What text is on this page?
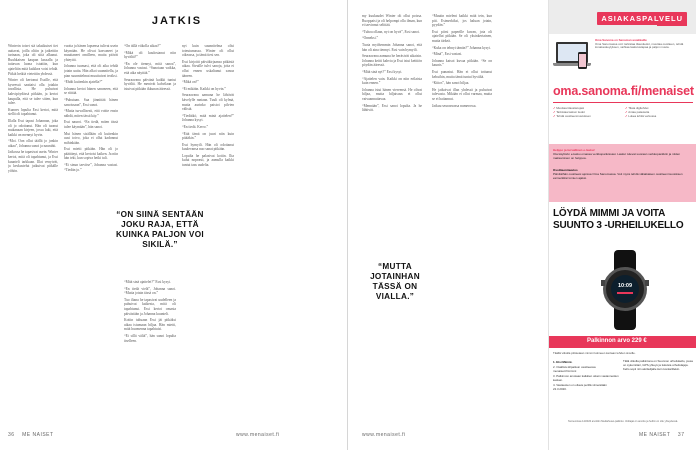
JATKIS

Winterin toiset stä takaikuiset tiet auttavat, joilla oltiin ja jatkettiin tarinaan, joka oli siitä alkanut. Ruuhkaisen kaupan kassalla ja tuttavan luona istuttiin, kun ajateltiin mitä kaikkea voisi tehdä. Pitkiä hetkiä vietettiin yhdessä.

Winter oli kertonut Essille, että kyseessä saattaisi olla jotakin tavallista. He puhuivat kahvipöydässä pitkään, ja kertoi kaupalla, että se tulee sitten, kun tulee.

Kunnes lopulta Essi kertoi, mitä siellä oli tapahtunut.

Illalla Essi tapasi Johannan, joka oli jo odottanut. Hän oli tuonut mukanaan kirjeen, jossa luki, että kaikki on mennyt hyvin.

“Moi. Oon ollut täällä jo jonkin aikaa”, Johanna sanoi ja naurahti.

Jatkossa he tapasivat usein. Winter kertoi, mitä oli tapahtunut, ja Essi kuunteli tarkkaan. Illat venyivät, ja keskustelut jatkuivat pitkälle yöhön.

vuotta ja hänen lapsensa tulivat usein käymään. He olivat kasvaneet ja muuttaneet omilleen, mutta pitivät yhteyttä.

Johanna tuumasi, että oli aika tehdä jotain uutta. Hän alkoi suunnitella, ja pian suunnitelmat muuttuivat teoiksi.

“Ehdit kuitenkin ajatella?”

Johanna kertoi hänen sanoneen, että se riittää.

“Puhutaan. Sua jännittää hänen sanoissaan”, Essi sanoi.

“Mutta turvallisesti, että voitte ensin nähdä, miten tässä käy.”

Essi nauroi. “En tiedä, miten tässä tulee käymään”, hän sanoi.

Mut hänen sisällään oli kuitenkin uusi toivo, joka ei ollut kadonnut mihinkään.

Essi mietti pitkään. Hän oli jo päättänyt, että kertoisi kaiken. Ja niin hän teki, kun sopiva hetki tuli.

“Ei sinun tarvitse”, Johanna vastasi. “Tiedän jo.”

“ON SIINÄ SENTÄÄN JOKU RAJA, ETTÄ KUINKA PALJON VOI SIKILÄ.”

“On tällä viikolla aikaa?”

“Mikä oli kuulostanut niin hyvältä?”

“En ole tiennyt, mitä sanoa”, Johanna vastasi. “Sanotaan vaikka, että aika näyttää.”

Seuraavana päivänä kaikki tuntui hyvältä. He menivät kahvilaan ja istuivat pitkään ikkunan ääressä.

“Mitä sinä ajattelet?” Essi kysyi.

“En tiedä vielä”, Johanna sanoi. “Mutta jotain tässä on.”

Tuo iltana he tapasivat uudelleen ja puhuivat kaikesta, mitä oli tapahtunut. Essi kertoi omasta päivästään ja Johanna kuunteli.

Kotiin tultuaan Essi jäi pitkäksi aikaa istumaan hiljaa. Hän mietti, mitä huomenna tapahtuisi.

“Ei sillä väliä”, hän sanoi lopulta itselleen.

nyt kuin suunnitelma olisi toteutumassa. Winter oli ollut oikeassa, ja tämä tiesi sen.

Essi kirjoitti päiväkirjaansa pitkästä aikaa. Sivuille tulvi sanoja, joita ei ollut ennen uskaltanut sanoa ääneen.

“Mikä on?”

“Ei mikään. Kaikki on hyvin.”

Seuraavana aamuna he lähtivät kävelylle rantaan. Tuuli oli kylmä, mutta aurinko paistoi pilvien välistä.

“Tiedätkö, mitä minä ajattelen?” Johanna kysyi.

“En tiedä. Kerro.”

“Että tämä on juuri niin kuin pitääkin.”

Essi hymyili. Hän oli odottanut kuulevansa nuo sanat pitkään.

Lopulta he palasivat kotiin. Ilta kului nopeasti, ja aamulla kaikki tuntui taas uudelta.

36 ME NAISET	www.menaiset.fi

my kuukaudet Winter oli ollut poissa. Ruoppaisi ja oli helpompi olla ilman, kun ei tarvinnut selittää.

“Tuhoa ollaan, nyt on hyvä”, Essi sanoi.

“Onneksi.”

Tuota myöhemmin Johanna sanoi, että hän oli aina tiennyt. Essi vain hymyili.

Seuraavana aamuna he heräsivät aikaisin. Johanna keitti kahvia ja Essi istui keittiön pöydän ääressä.

“Mitä sinä nyt?” Essi kysyi.

“Ajattelen vain. Kaikki on niin erilaista kuin ennen.”

Johanna istui hänen viereensä. He olivat hiljaa, mutta hiljaisuus ei ollut vaivaannuttavaa.

“Mennään”, Essi sanoi lopulta. Ja he lähtivät.

“MUTTA JOTAINHAN TÄSSÄ ON VIALLA.”

“Muutin mieleni kaikki mitä tein, kun piti. Esimerkiksi, jos haluan jotain, pyydän.”

Essi piirsi paperille kuvan, jota oli ajatellut pitkään. Se oli yksinkertainen, mutta tärkeä.

“Kuka on tehnyt tämän?” Johanna kysyi.

“Minä”, Essi vastasi.

Johanna katsoi kuvaa pitkään. “Se on kaunis.”

Essi punastui. Hän ei ollut tottunut kehuihin, mutta tämä tuntui hyvältä.

“Kiitos”, hän sanoi hiljaa.

He jatkoivat illan yhdessä ja puhuivat tulevasta. Mikään ei ollut varmaa, mutta se ei haitannut.

Jatkuu seuraavassa numerossa.

www.menaiset.fi
ASIAKASPALVELU
Oma Sanoma on Sanoman asiakkaille
Oma Sanomassa voit: tarkistaa tilaustiedot, muuttaa osoitteen, tehdä lomakeskeytyksen, vaihtaa laskutustapaa ja paljon muuta.
oma.sanoma.fi/menaiset
✓ Muuttaa tilaustietojasi
✓ Tarkistaa laskun tiedot
✓ Tehdä osoitteenmuutoksen
✓ Tilata digilehdet
✓ Antaa palautetta
✓ Lukea lehtiä verkossa
Helppo ja turvallinen e-lasku!
Ota käyttöön e-lasku omassa verkkopankissasi. Laskut tulevat suoraan verkkopankkiin ja niiden maksaminen on helppoa.
Osoitteenmuutos
Päivitäthän osoitteesi ajoissa Oma Sanomassa. Voit myös tehdä väliaikaisen osoitteenmuutoksen esimerkiksi lomien ajaksi.
LÖYDÄ MIMMI JA VOITA SUUNTO 3 -URHEILUKELLO
10:09
Palkinnon arvo 229 €
Täällä viikolla piilotetaan mimmi kolmeen kertaan lehden sivuille.
1. Etsi Mimmi.
2. Osallistu kilpailuun osoitteessa menaiset.fi/mimmi
3. Palkinnon arvotaan kaikkien oikein vastanneiden kesken.
4. Vastausten on oltava perillä viimeistään 22.3.2020.
Tällä viikolla palkintona on Suunnon urheilukello, jossa on sykemittari, GPS-yhteys ja lukuisia urheilulajeja. Kello sopii niin aloittelijalle kuin konkarillekin.
Numeroissa 14/2020 arvottiin Mediahuset-palkinto. Voittajat on arvottu ja heihin on oltu yhteydessä.
ME NAISET 37
